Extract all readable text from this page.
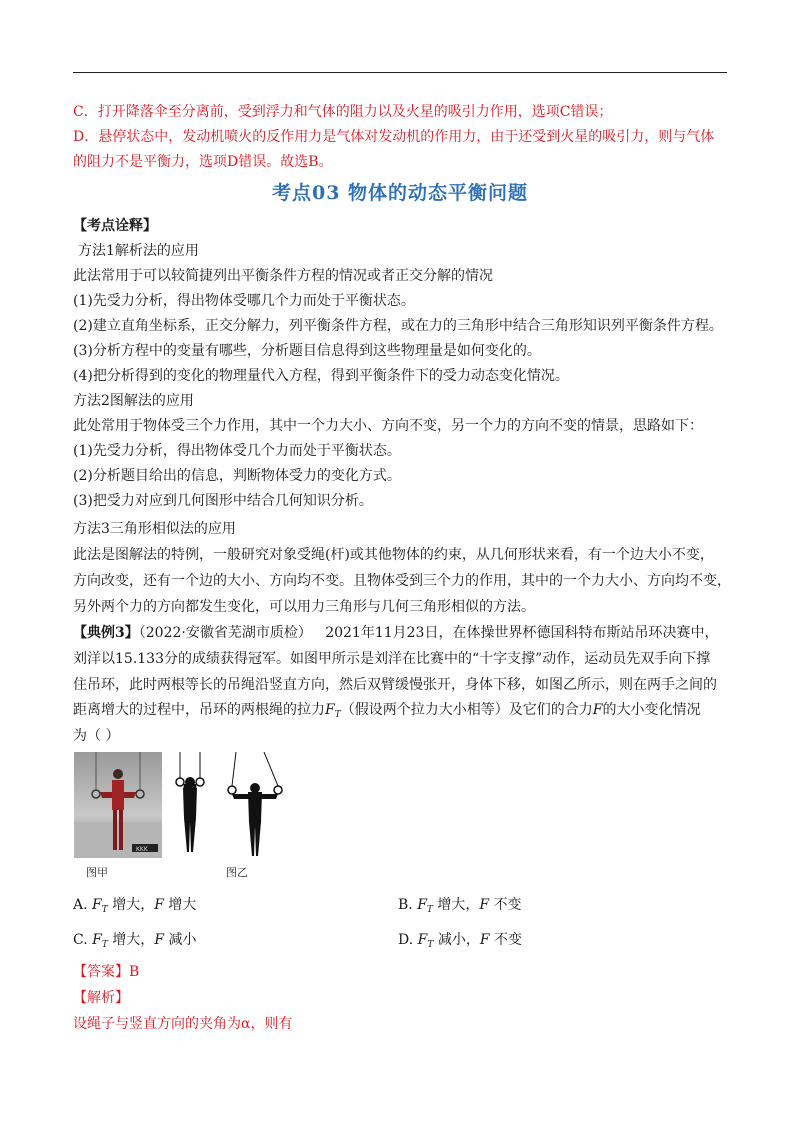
C．打开降落伞至分离前，受到浮力和气体的阻力以及火星的吸引力作用，选项C错误；
D．悬停状态中，发动机喷火的反作用力是气体对发动机的作用力，由于还受到火星的吸引力，则与气体
的阻力不是平衡力，选项D错误。故选B。
考点03 物体的动态平衡问题
【考点诠释】
方法1解析法的应用
此法常用于可以较简捷列出平衡条件方程的情况或者正交分解的情况
(1)先受力分析，得出物体受哪几个力而处于平衡状态。
(2)建立直角坐标系，正交分解力，列平衡条件方程，或在力的三角形中结合三角形知识列平衡条件方程。
(3)分析方程中的变量有哪些，分析题目信息得到这些物理量是如何变化的。
(4)把分析得到的变化的物理量代入方程，得到平衡条件下的受力动态变化情况。
方法2图解法的应用
此处常用于物体受三个力作用，其中一个力大小、方向不变，另一个力的方向不变的情景，思路如下：
(1)先受力分析，得出物体受几个力而处于平衡状态。
(2)分析题目给出的信息，判断物体受力的变化方式。
(3)把受力对应到几何图形中结合几何知识分析。
方法3三角形相似法的应用
此法是图解法的特例，一般研究对象受绳(杆)或其他物体的约束，从几何形状来看，有一个边大小不变，
方向改变，还有一个边的大小、方向均不变。且物体受到三个力的作用，其中的一个力大小、方向均不变，
另外两个力的方向都发生变化，可以用力三角形与几何三角形相似的方法。
【典例3】（2022·安徽省芜湖市质检） 2021年11月23日，在体操世界杯德国科特布斯站吊环决赛中，
刘洋以15.133分的成绩获得冠军。如图甲所示是刘洋在比赛中的“十字支撑”动作，运动员先双手向下撑
住吊环，此时两根等长的吊绳沿竖直方向，然后双臂缓慢张开，身体下移，如图乙所示，则在两手之间的
距离增大的过程中，吊环的两根绳的拉力$F_T$（假设两个拉力大小相等）及它们的合力F的大小变化情况
为（ ）
KKK
图甲	图乙
A. $F_T$ 增大，F 增大	B. $F_T$ 增大，F 不变
C. $F_T$ 增大，F 减小	D. $F_T$ 减小，F 不变
【答案】B
【解析】
设绳子与竖直方向的夹角为α，则有
